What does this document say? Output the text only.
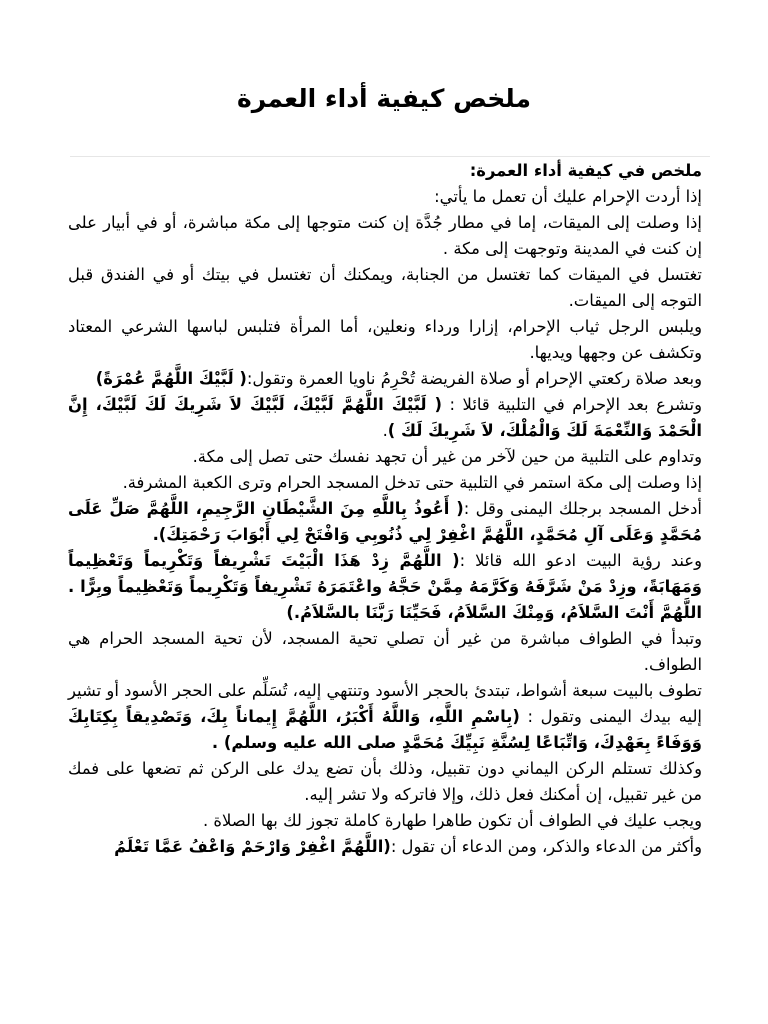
ملخص كيفية أداء العمرة

ملخص في كيفية أداء العمرة:

إذا أردت الإحرام عليك أن تعمل ما يأتي:

إذا وصلت إلى الميقات، إما في مطار جُدَّة إن كنت متوجها إلى مكة مباشرة، أو في أبيار على إن كنت في المدينة وتوجهت إلى مكة .

تغتسل في الميقات كما تغتسل من الجنابة، ويمكنك أن تغتسل في بيتك أو في الفندق قبل التوجه إلى الميقات.

ويلبس الرجل ثياب الإحرام، إزارا ورداء ونعلين، أما المرأة فتلبس لباسها الشرعي المعتاد وتكشف عن وجهها ويديها.

وبعد صلاة ركعتي الإحرام أو صلاة الفريضة تُحْرِمُ ناويا العمرة وتقول:( لَبَّيْكَ اللَّهُمَّ عُمْرَةً)

وتشرع بعد الإحرام في التلبية قائلا : ( لَبَّيْكَ اللَّهُمَّ لَبَّيْكَ، لَبَّيْكَ لاَ شَرِيكَ لَكَ لَبَّيْكَ، إِنَّ الْحَمْدَ وَالنِّعْمَةَ لَكَ وَالْمُلْكَ، لاَ شَرِيكَ لَكَ ).

وتداوم على التلبية من حين لآخر من غير أن تجهد نفسك حتى تصل إلى مكة.

إذا وصلت إلى مكة استمر في التلبية حتى تدخل المسجد الحرام وترى الكعبة المشرفة.

أدخل المسجد برجلك اليمنى وقل :( أَعُوذُ بِاللَّهِ مِنَ الشَّيْطَانِ الرَّجِيمِ، اللَّهُمَّ صَلِّ عَلَى مُحَمَّدٍ وَعَلَى آلِ مُحَمَّدٍ، اللَّهُمَّ اغْفِرْ لِي ذُنُوبِي وَافْتَحْ لِي أَبْوَابَ رَحْمَتِكَ).

وعند رؤية البيت ادعو الله قائلا :( اللَّهُمَّ زِدْ هَذَا الْبَيْتَ تَشْرِيفاً وَتَكْرِيماً وَتَعْظِيماً وَمَهَابَةً، وزِدْ مَنْ شَرَّفَهُ وَكَرَّمَهُ مِمَّنْ حَجَّهُ واعْتَمَرَهُ تَشْرِيفاً وَتَكْرِيماً وَتَعْظِيماً وبِرًّا . اللَّهُمَّ أَنْتَ السَّلاَمُ، وَمِنْكَ السَّلاَمُ، فَحَيِّنَا رَبَّنَا بالسَّلاَمُ.)

وتبدأ في الطواف مباشرة من غير أن تصلي تحية المسجد، لأن تحية المسجد الحرام هي الطواف.

تطوف بالبيت سبعة أشواط، تبتدئ بالحجر الأسود وتنتهي إليه، تُسَلِّم على الحجر الأسود أو تشير إليه بيدك اليمنى وتقول : (بِاسْمِ اللَّهِ، وَاللَّهُ أَكْبَرُ، اللَّهُمَّ إِيماناً بِكَ، وَتَصْدِيقاً بِكِتَابِكَ وَوَفَاءً بِعَهْدِكَ، وَاتِّبَاعًا لِسُنَّةِ نَبِيِّكَ مُحَمَّدٍ صلى الله عليه وسلم) .

وكذلك تستلم الركن اليماني دون تقبيل، وذلك بأن تضع يدك على الركن ثم تضعها على فمك من غير تقبيل، إن أمكنك فعل ذلك، وإلا فاتركه ولا تشر إليه.

ويجب عليك في الطواف أن تكون طاهرا طهارة كاملة تجوز لك بها الصلاة .

وأكثر من الدعاء والذكر، ومن الدعاء أن تقول :(اللَّهُمَّ اغْفِرْ وَارْحَمْ وَاعْفُ عَمَّا تَعْلَمُ
